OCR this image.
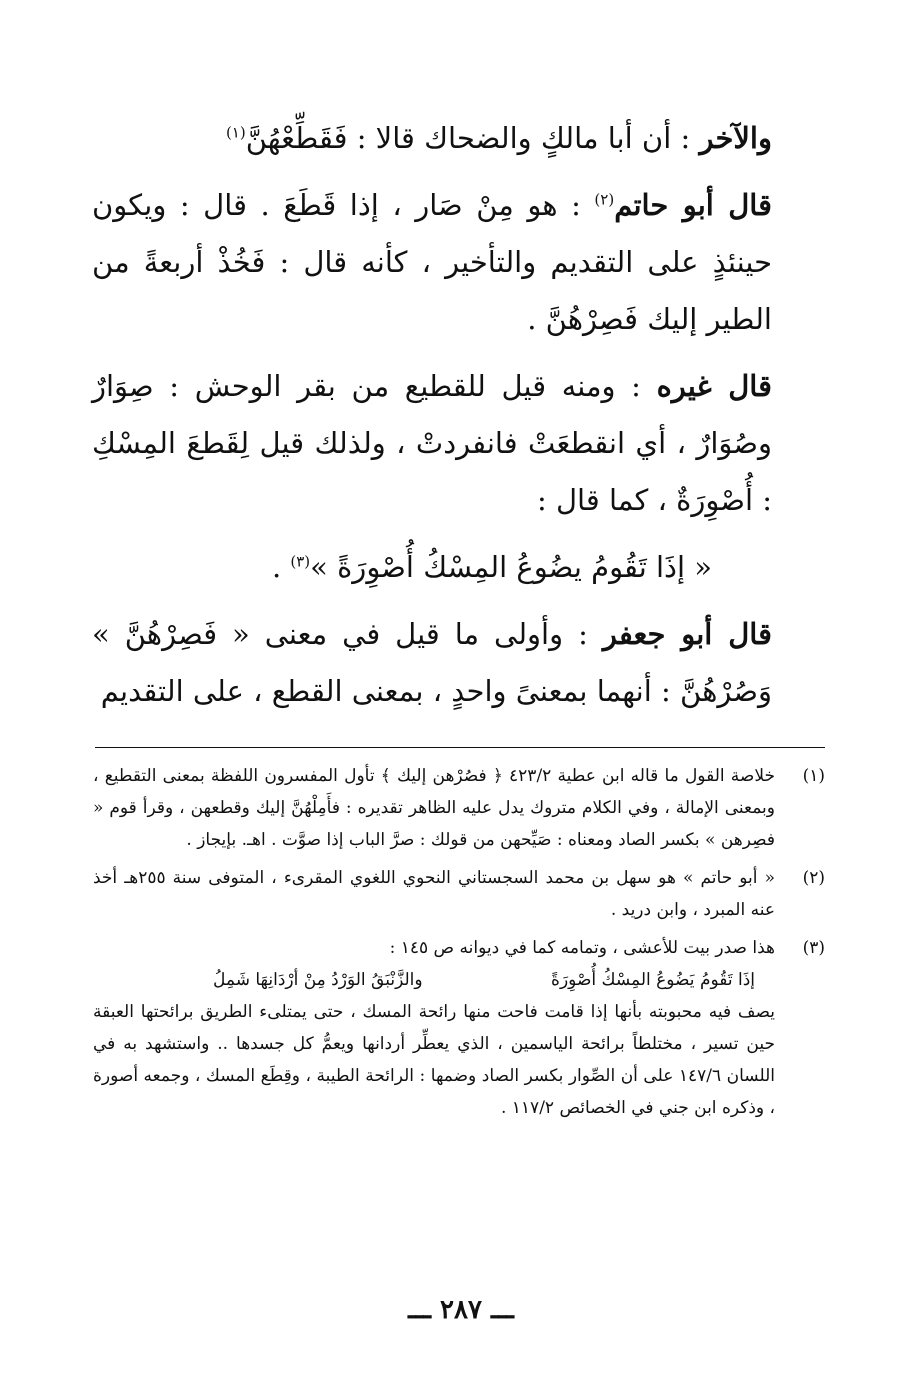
والآخر : أن أبا مالكٍ والضحاك قالا : فَقَطِّعْهُنَّ$^{(١)}$

قال أبو حاتم$^{(٢)}$ : هو مِنْ صَار ، إذا قَطَعَ . قال : ويكون حينئذٍ على التقديم والتأخير ، كأنه قال : فَخُذْ أربعةً من الطير إليك فَصِرْهُنَّ .

قال غيره : ومنه قيل للقطيع من بقر الوحش : صِوَارٌ وصُوَارٌ ، أي انقطعَتْ فانفردتْ ، ولذلك قيل لِقَطعَ المِسْكِ : أُصْوِرَةٌ ، كما قال :

« إذَا تَقُومُ يضُوعُ المِسْكُ أُصْوِرَةً »$^{(٣)}$ .

قال أبو جعفر : وأولى ما قيل في معنى « فَصِرْهُنَّ » وَصُرْهُنَّ : أنهما بمعنىً واحدٍ ، بمعنى القطع ، على التقديم

(١)

خلاصة القول ما قاله ابن عطية ٤٢٣/٢ ﴿ فصُرْهن إليك ﴾ تأول المفسرون اللفظة بمعنى التقطيع ، وبمعنى الإمالة ، وفي الكلام متروك يدل عليه الظاهر تقديره : فأَمِلْهُنَّ إليك وقطعهن ، وقرأ قوم « فصِرهن » بكسر الصاد ومعناه : صَيِّحهن من قولك : صرَّ الباب إذا صوَّت . اهـ. بإيجاز .

(٢)

« أبو حاتم » هو سهل بن محمد السجستاني النحوي اللغوي المقرىء ، المتوفى سنة ٢٥٥هـ أخذ عنه المبرد ، وابن دريد .

(٣)

هذا صدر بيت للأعشى ، وتمامه كما في ديوانه ص ١٤٥ :

إذَا تَقُومُ يَضُوعُ المِسْكُ أُصْوِرَةً
والزَّنْبَقُ الوَرْدُ مِنْ أرْدَانِهَا شَمِلُ

يصف فيه محبوبته بأنها إذا قامت فاحت منها رائحة المسك ، حتى يمتلىء الطريق برائحتها العبقة حين تسير ، مختلطاً برائحة الياسمين ، الذي يعطِّر أردانها ويعمُّ كل جسدها .. واستشهد به في اللسان ١٤٧/٦ على أن الصِّوار بكسر الصاد وضمها : الرائحة الطيبة ، وقِطَع المسك ، وجمعه أصورة ، وذكره ابن جني في الخصائص ١١٧/٢ .

ـــ ٢٨٧ ـــ
